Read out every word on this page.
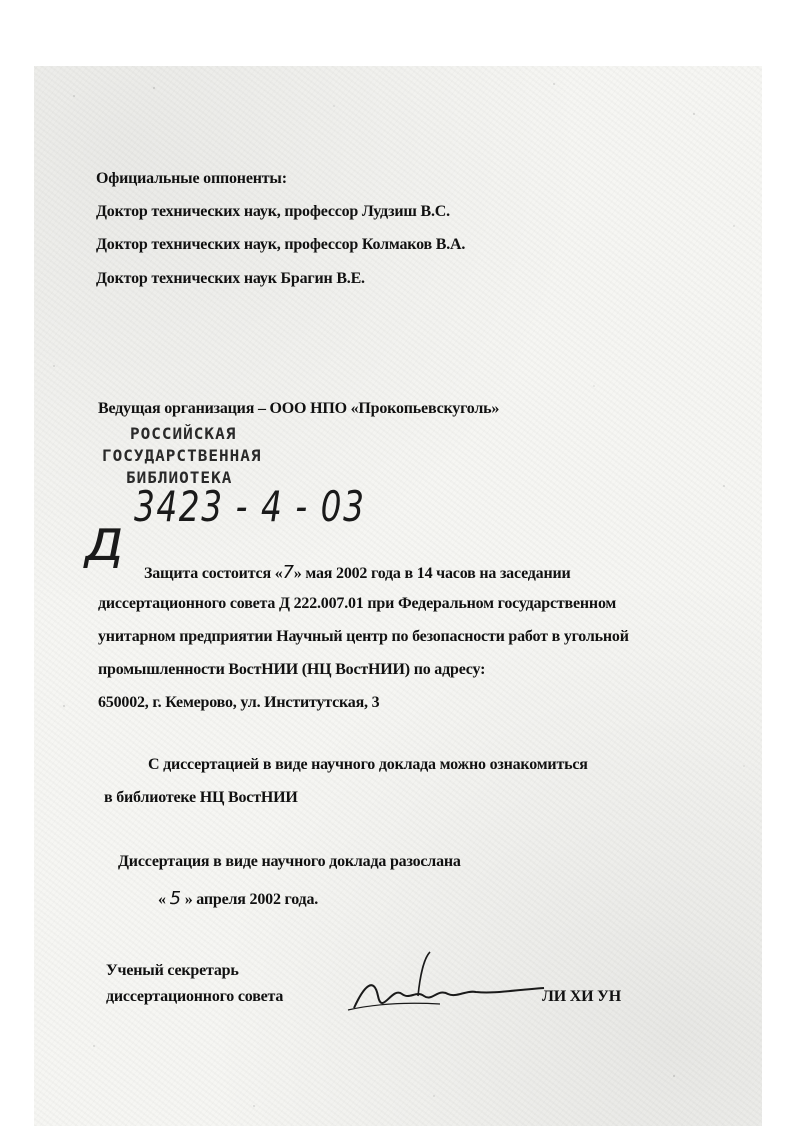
Официальные оппоненты:
Доктор технических наук, профессор Лудзиш В.С.
Доктор технических наук, профессор Колмаков В.А.
Доктор технических наук Брагин В.Е.
Ведущая организация – ООО НПО «Прокопьевскуголь»
РОССИЙСКАЯ
ГОСУДАРСТВЕННАЯ
БИБЛИОТЕКА
3423 - 4 - 03
д Защита состоится «7» мая 2002 года в 14 часов на заседании
диссертационного совета Д 222.007.01 при Федеральном государственном
унитарном предприятии Научный центр по безопасности работ в угольной
промышленности ВостНИИ (НЦ ВостНИИ) по адресу:
650002, г. Кемерово, ул. Институтская, 3
С диссертацией в виде научного доклада можно ознакомиться
в библиотеке НЦ ВостНИИ
Диссертация в виде научного доклада разослана
« 5 » апреля 2002 года.
Ученый секретарь
диссертационного совета	ЛИ ХИ УН
